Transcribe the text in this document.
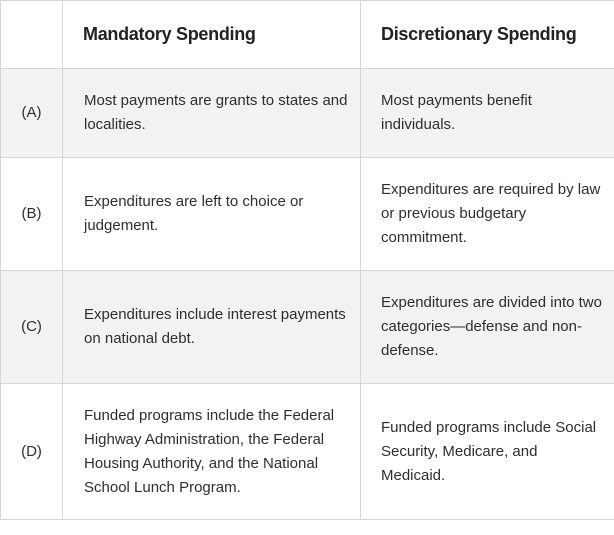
	Mandatory Spending	Discretionary Spending
(A)	Most payments are grants to states and localities.	Most payments benefit individuals.
(B)	Expenditures are left to choice or judgement.	Expenditures are required by law or previous budgetary commitment.
(C)	Expenditures include interest payments on national debt.	Expenditures are divided into two categories—defense and non-defense.
(D)	Funded programs include the Federal Highway Administration, the Federal Housing Authority, and the National School Lunch Program.	Funded programs include Social Security, Medicare, and Medicaid.
